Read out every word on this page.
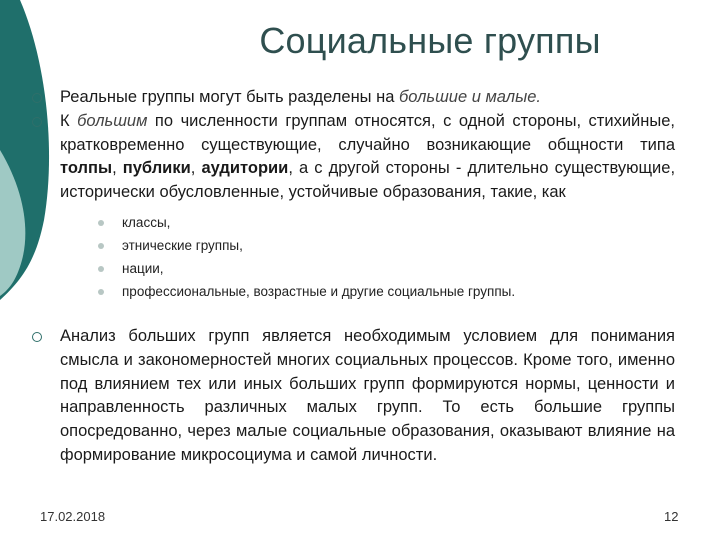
Социальные группы
Реальные группы могут быть разделены на большие и малые.
К большим по численности группам относятся, с одной стороны, стихийные, кратковременно существующие, случайно возникающие общности типа толпы, публики, аудитории, а с другой стороны - длительно существующие, исторически обусловленные, устойчивые образования, такие, как
классы,
этнические группы,
нации,
профессиональные, возрастные и другие социальные группы.
Анализ больших групп является необходимым условием для понимания смысла и закономерностей многих социальных процессов. Кроме того, именно под влиянием тех или иных больших групп формируются нормы, ценности и направленность различных малых групп. То есть большие группы опосредованно, через малые социальные образования, оказывают влияние на формирование микросоциума и самой личности.
17.02.2018	12
